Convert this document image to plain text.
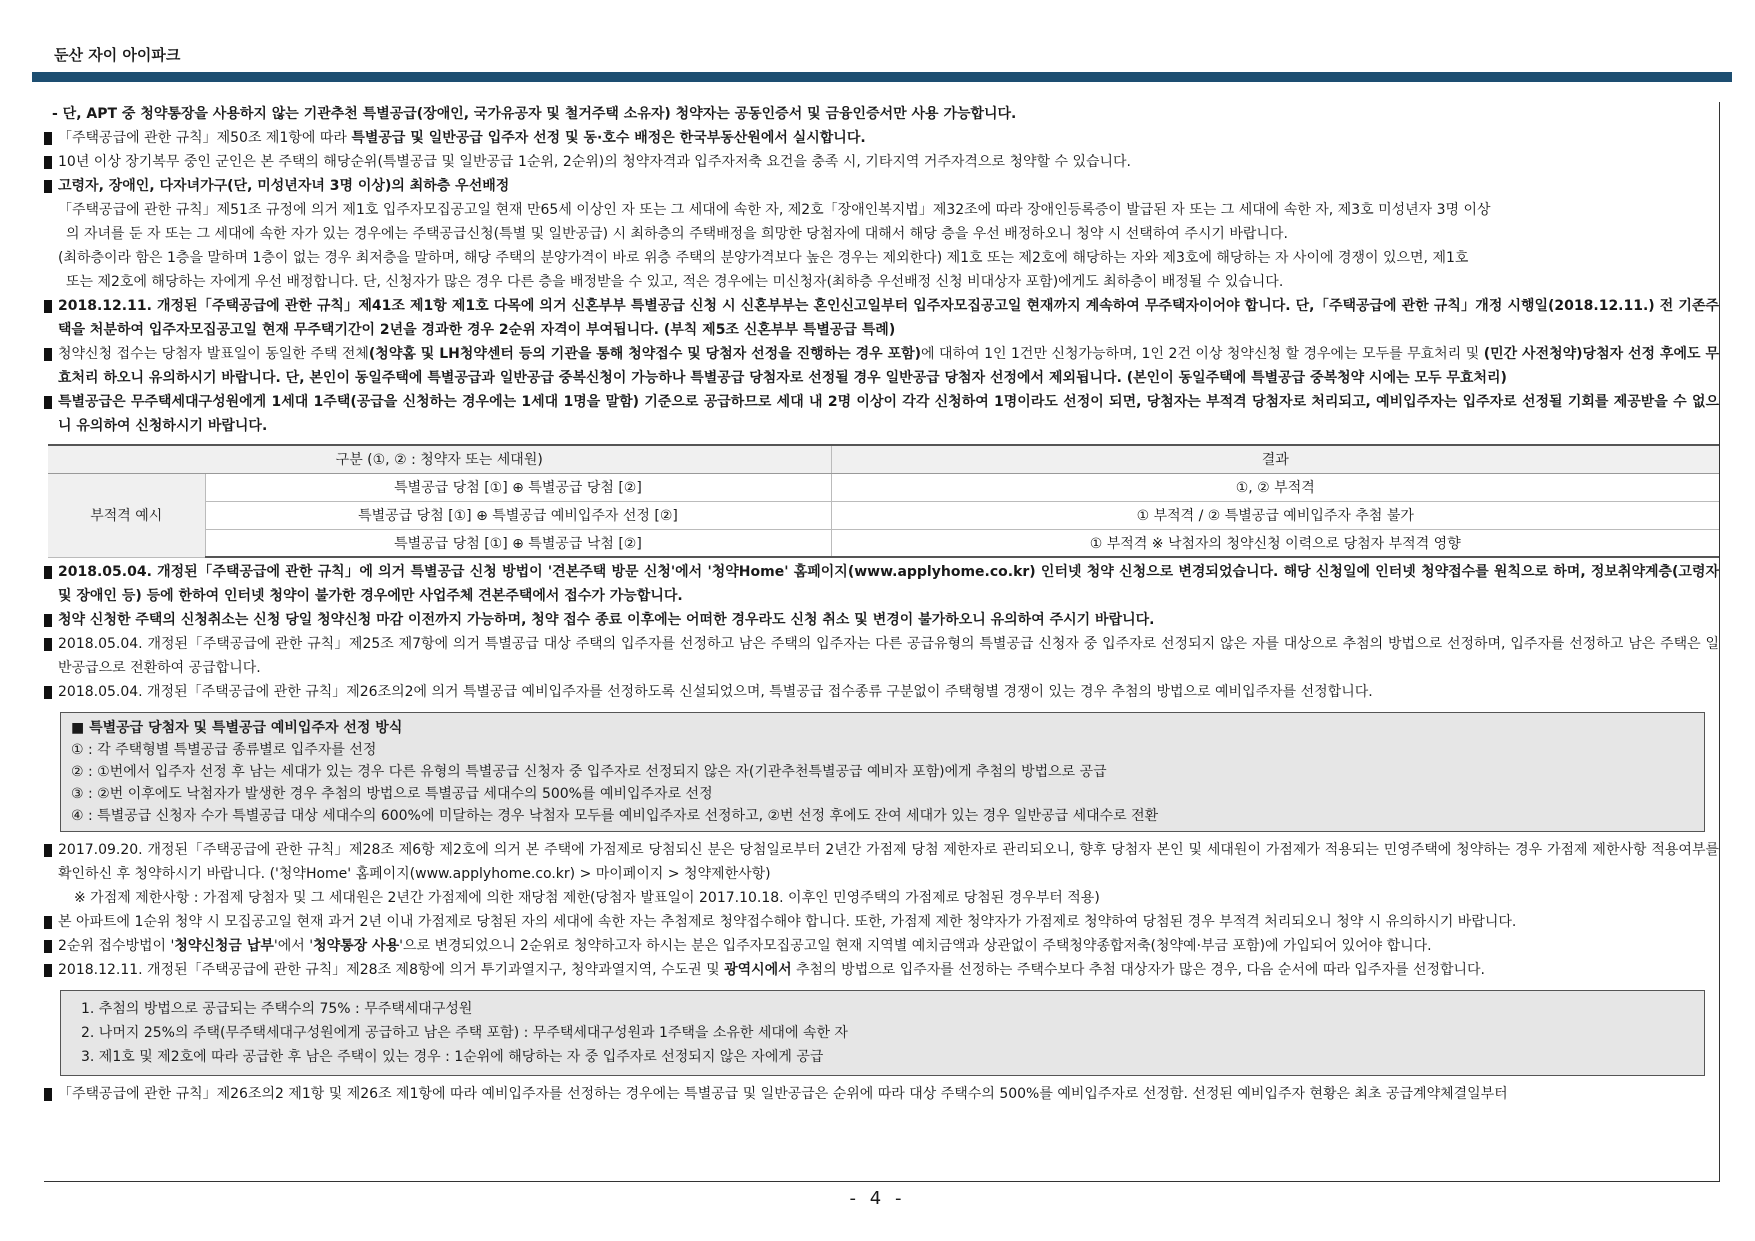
둔산 자이 아이파크
- 단, APT 중 청약통장을 사용하지 않는 기관추천 특별공급(장애인, 국가유공자 및 철거주택 소유자) 청약자는 공동인증서 및 금융인증서만 사용 가능합니다.
「주택공급에 관한 규칙」제50조 제1항에 따라 특별공급 및 일반공급 입주자 선정 및 동·호수 배정은 한국부동산원에서 실시합니다.
10년 이상 장기복무 중인 군인은 본 주택의 해당순위(특별공급 및 일반공급 1순위, 2순위)의 청약자격과 입주자저축 요건을 충족 시, 기타지역 거주자격으로 청약할 수 있습니다.
고령자, 장애인, 다자녀가구(단, 미성년자녀 3명 이상)의 최하층 우선배정
「주택공급에 관한 규칙」제51조 규정에 의거 제1호 입주자모집공고일 현재 만65세 이상인 자 또는 그 세대에 속한 자, 제2호「장애인복지법」제32조에 따라 장애인등록증이 발급된 자 또는 그 세대에 속한 자, 제3호 미성년자 3명 이상
의 자녀를 둔 자 또는 그 세대에 속한 자가 있는 경우에는 주택공급신청(특별 및 일반공급) 시 최하층의 주택배정을 희망한 당첨자에 대해서 해당 층을 우선 배정하오니 청약 시 선택하여 주시기 바랍니다.
(최하층이라 함은 1층을 말하며 1층이 없는 경우 최저층을 말하며, 해당 주택의 분양가격이 바로 위층 주택의 분양가격보다 높은 경우는 제외한다) 제1호 또는 제2호에 해당하는 자와 제3호에 해당하는 자 사이에 경쟁이 있으면, 제1호
또는 제2호에 해당하는 자에게 우선 배정합니다. 단, 신청자가 많은 경우 다른 층을 배정받을 수 있고, 적은 경우에는 미신청자(최하층 우선배정 신청 비대상자 포함)에게도 최하층이 배정될 수 있습니다.
2018.12.11. 개정된「주택공급에 관한 규칙」제41조 제1항 제1호 다목에 의거 신혼부부 특별공급 신청 시 신혼부부는 혼인신고일부터 입주자모집공고일 현재까지 계속하여 무주택자이어야 합니다. 단,「주택공급에 관한 규칙」개정 시행일(2018.12.11.) 전 기존주택을 처분하여 입주자모집공고일 현재 무주택기간이 2년을 경과한 경우 2순위 자격이 부여됩니다. (부칙 제5조 신혼부부 특별공급 특례)
청약신청 접수는 당첨자 발표일이 동일한 주택 전체(청약홈 및 LH청약센터 등의 기관을 통해 청약접수 및 당첨자 선정을 진행하는 경우 포함)에 대하여 1인 1건만 신청가능하며, 1인 2건 이상 청약신청 할 경우에는 모두를 무효처리 및 (민간 사전청약)당첨자 선정 후에도 무효처리 하오니 유의하시기 바랍니다. 단, 본인이 동일주택에 특별공급과 일반공급 중복신청이 가능하나 특별공급 당첨자로 선정될 경우 일반공급 당첨자 선정에서 제외됩니다. (본인이 동일주택에 특별공급 중복청약 시에는 모두 무효처리)
특별공급은 무주택세대구성원에게 1세대 1주택(공급을 신청하는 경우에는 1세대 1명을 말함) 기준으로 공급하므로 세대 내 2명 이상이 각각 신청하여 1명이라도 선정이 되면, 당첨자는 부적격 당첨자로 처리되고, 예비입주자는 입주자로 선정될 기회를 제공받을 수 없으니 유의하여 신청하시기 바랍니다.
구분 (①, ② : 청약자 또는 세대원)		결과
부적격 예시	특별공급 당첨 [①] ⊕ 특별공급 당첨 [②]	①, ② 부적격
	특별공급 당첨 [①] ⊕ 특별공급 예비입주자 선정 [②]	① 부적격 / ② 특별공급 예비입주자 추첨 불가
	특별공급 당첨 [①] ⊕ 특별공급 낙첨 [②]	① 부적격 ※ 낙첨자의 청약신청 이력으로 당첨자 부적격 영향
2018.05.04. 개정된「주택공급에 관한 규칙」에 의거 특별공급 신청 방법이 '견본주택 방문 신청'에서 '청약Home' 홈페이지(www.applyhome.co.kr) 인터넷 청약 신청으로 변경되었습니다. 해당 신청일에 인터넷 청약접수를 원칙으로 하며, 정보취약계층(고령자 및 장애인 등) 등에 한하여 인터넷 청약이 불가한 경우에만 사업주체 견본주택에서 접수가 가능합니다.
청약 신청한 주택의 신청취소는 신청 당일 청약신청 마감 이전까지 가능하며, 청약 접수 종료 이후에는 어떠한 경우라도 신청 취소 및 변경이 불가하오니 유의하여 주시기 바랍니다.
2018.05.04. 개정된「주택공급에 관한 규칙」제25조 제7항에 의거 특별공급 대상 주택의 입주자를 선정하고 남은 주택의 입주자는 다른 공급유형의 특별공급 신청자 중 입주자로 선정되지 않은 자를 대상으로 추첨의 방법으로 선정하며, 입주자를 선정하고 남은 주택은 일반공급으로 전환하여 공급합니다.
2018.05.04. 개정된「주택공급에 관한 규칙」제26조의2에 의거 특별공급 예비입주자를 선정하도록 신설되었으며, 특별공급 접수종류 구분없이 주택형별 경쟁이 있는 경우 추첨의 방법으로 예비입주자를 선정합니다.
■ 특별공급 당첨자 및 특별공급 예비입주자 선정 방식
① : 각 주택형별 특별공급 종류별로 입주자를 선정
② : ①번에서 입주자 선정 후 남는 세대가 있는 경우 다른 유형의 특별공급 신청자 중 입주자로 선정되지 않은 자(기관추천특별공급 예비자 포함)에게 추첨의 방법으로 공급
③ : ②번 이후에도 낙첨자가 발생한 경우 추첨의 방법으로 특별공급 세대수의 500%를 예비입주자로 선정
④ : 특별공급 신청자 수가 특별공급 대상 세대수의 600%에 미달하는 경우 낙첨자 모두를 예비입주자로 선정하고, ②번 선정 후에도 잔여 세대가 있는 경우 일반공급 세대수로 전환
2017.09.20. 개정된「주택공급에 관한 규칙」제28조 제6항 제2호에 의거 본 주택에 가점제로 당첨되신 분은 당첨일로부터 2년간 가점제 당첨 제한자로 관리되오니, 향후 당첨자 본인 및 세대원이 가점제가 적용되는 민영주택에 청약하는 경우 가점제 제한사항 적용여부를 확인하신 후 청약하시기 바랍니다. ('청약Home' 홈페이지(www.applyhome.co.kr) > 마이페이지 > 청약제한사항)
※ 가점제 제한사항 : 가점제 당첨자 및 그 세대원은 2년간 가점제에 의한 재당첨 제한(당첨자 발표일이 2017.10.18. 이후인 민영주택의 가점제로 당첨된 경우부터 적용)
본 아파트에 1순위 청약 시 모집공고일 현재 과거 2년 이내 가점제로 당첨된 자의 세대에 속한 자는 추첨제로 청약접수해야 합니다. 또한, 가점제 제한 청약자가 가점제로 청약하여 당첨된 경우 부적격 처리되오니 청약 시 유의하시기 바랍니다.
2순위 접수방법이 '청약신청금 납부'에서 '청약통장 사용'으로 변경되었으니 2순위로 청약하고자 하시는 분은 입주자모집공고일 현재 지역별 예치금액과 상관없이 주택청약종합저축(청약예·부금 포함)에 가입되어 있어야 합니다.
2018.12.11. 개정된「주택공급에 관한 규칙」제28조 제8항에 의거 투기과열지구, 청약과열지역, 수도권 및 광역시에서 추첨의 방법으로 입주자를 선정하는 주택수보다 추첨 대상자가 많은 경우, 다음 순서에 따라 입주자를 선정합니다.
1. 추첨의 방법으로 공급되는 주택수의 75% : 무주택세대구성원
2. 나머지 25%의 주택(무주택세대구성원에게 공급하고 남은 주택 포함) : 무주택세대구성원과 1주택을 소유한 세대에 속한 자
3. 제1호 및 제2호에 따라 공급한 후 남은 주택이 있는 경우 : 1순위에 해당하는 자 중 입주자로 선정되지 않은 자에게 공급
「주택공급에 관한 규칙」제26조의2 제1항 및 제26조 제1항에 따라 예비입주자를 선정하는 경우에는 특별공급 및 일반공급은 순위에 따라 대상 주택수의 500%를 예비입주자로 선정함. 선정된 예비입주자 현황은 최초 공급계약체결일부터
- 4 -
